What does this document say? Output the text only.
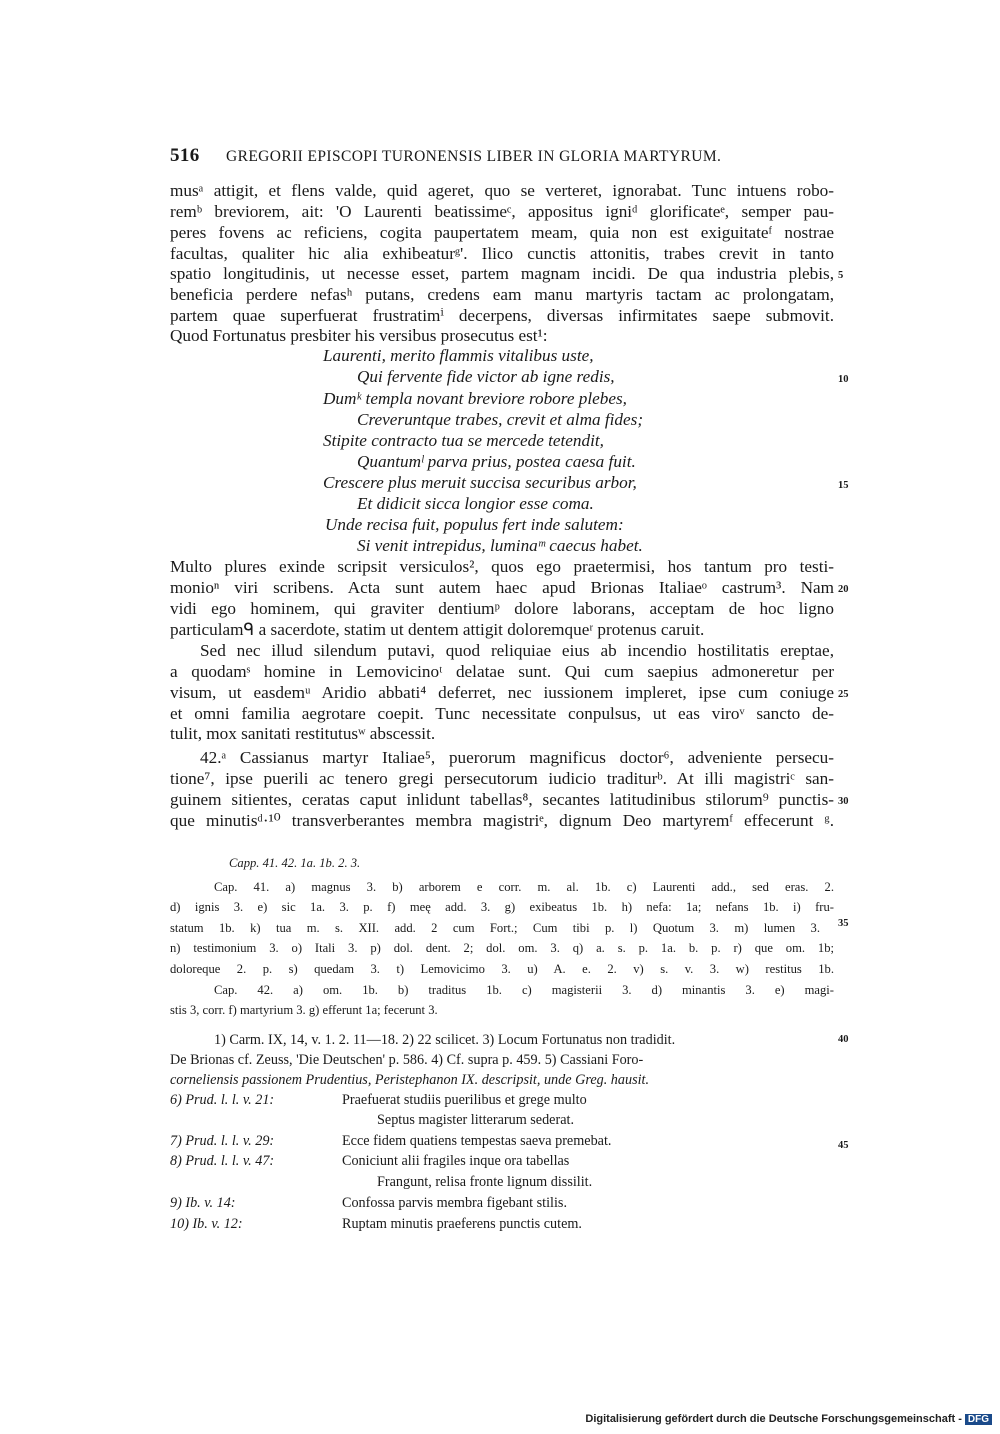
516 GREGORII EPISCOPI TURONENSIS LIBER IN GLORIA MARTYRUM.
musᵃ attigit, et flens valde, quid ageret, quo se verteret, ignorabat. Tunc intuens robo-
remᵇ breviorem, ait: 'O Laurenti beatissimeᶜ, appositus igniᵈ glorificateᵉ, semper pau-
peres fovens ac reficiens, cogita paupertatem meam, quia non est exiguitateᶠ nostrae
facultas, qualiter hic alia exhibeaturᵍ'. Ilico cunctis attonitis, trabes crevit in tanto
spatio longitudinis, ut necesse esset, partem magnam incidi. De qua industria plebis,
beneficia perdere nefasʰ putans, credens eam manu martyris tactam ac prolongatam,
partem quae superfuerat frustratimⁱ decerpens, diversas infirmitates saepe submovit.
Quod Fortunatus presbiter his versibus prosecutus est¹:
Laurenti, merito flammis vitalibus uste,
Qui fervente fide victor ab igne redis,
Dumᵏ templa novant breviore robore plebes,
Creveruntque trabes, crevit et alma fides;
Stipite contracto tua se mercede tetendit,
Quantumˡ parva prius, postea caesa fuit.
Crescere plus meruit succisa securibus arbor,
Et didicit sicca longior esse coma.
Unde recisa fuit, populus fert inde salutem:
Si venit intrepidus, luminaᵐ caecus habet.
Multo plures exinde scripsit versiculos², quos ego praetermisi, hos tantum pro testi-
monioⁿ viri scribens. Acta sunt autem haec apud Brionas Italiaeᵒ castrum³. Nam
vidi ego hominem, qui graviter dentiumᵖ dolore laborans, acceptam de hoc ligno
particulamᑫ a sacerdote, statim ut dentem attigit doloremqueʳ protenus caruit.
Sed nec illud silendum putavi, quod reliquiae eius ab incendio hostilitatis ereptae,
a quodamˢ homine in Lemovicinoᵗ delatae sunt. Qui cum saepius admoneretur per
visum, ut easdemᵘ Aridio abbati⁴ deferret, nec iussionem impleret, ipse cum coniuge
et omni familia aegrotare coepit. Tunc necessitate conpulsus, ut eas viroᵛ sancto de-
tulit, mox sanitati restitutusʷ abscessit.
42.ᵃ Cassianus martyr Italiae⁵, puerorum magnificus doctor⁶, adveniente persecu-
tione⁷, ipse puerili ac tenero gregi persecutorum iudicio traditurᵇ. At illi magistriᶜ san-
guinem sitientes, ceratas caput inlidunt tabellas⁸, secantes latitudinibus stilorum⁹ punctis-
que minutisᵈ·¹⁰ transverberantes membra magistriᵉ, dignum Deo martyremᶠ effecerunt ᵍ.
5
10
15
20
25
30
35
40
45
Capp. 41. 42. 1a. 1b. 2. 3.
Cap. 41. a) magnus 3. b) arborem e corr. m. al. 1b. c) Laurenti add., sed eras. 2.
d) ignis 3. e) sic 1a. 3. p. f) meę add. 3. g) exibeatus 1b. h) nefa: 1a; nefans 1b. i) fru-
statum 1b. k) tua m. s. XII. add. 2 cum Fort.; Cum tibi p. l) Quotum 3. m) lumen 3.
n) testimonium 3. o) Itali 3. p) dol. dent. 2; dol. om. 3. q) a. s. p. 1a. b. p. r) que om. 1b;
doloreque 2. p. s) quedam 3. t) Lemovicimo 3. u) A. e. 2. v) s. v. 3. w) restitus 1b.
Cap. 42. a) om. 1b. b) traditus 1b. c) magisterii 3. d) minantis 3. e) magi-
stis 3, corr. f) martyrium 3. g) efferunt 1a; fecerunt 3.
1) Carm. IX, 14, v. 1. 2. 11—18. 2) 22 scilicet. 3) Locum Fortunatus non tradidit.
De Brionas cf. Zeuss, 'Die Deutschen' p. 586. 4) Cf. supra p. 459. 5) Cassiani Foro-
corneliensis passionem Prudentius, Peristephanon IX. descripsit, unde Greg. hausit.
6) Prud. l. l. v. 21:	Praefuerat studiis puerilibus et grege multo
Septus magister litterarum sederat.
7) Prud. l. l. v. 29:	Ecce fidem quatiens tempestas saeva premebat.
8) Prud. l. l. v. 47:	Coniciunt alii fragiles inque ora tabellas
Frangunt, relisa fronte lignum dissilit.
9) Ib. v. 14:	Confossa parvis membra figebant stilis.
10) Ib. v. 12:	Ruptam minutis praeferens punctis cutem.
Digitalisierung gefördert durch die Deutsche Forschungsgemeinschaft - DFG
